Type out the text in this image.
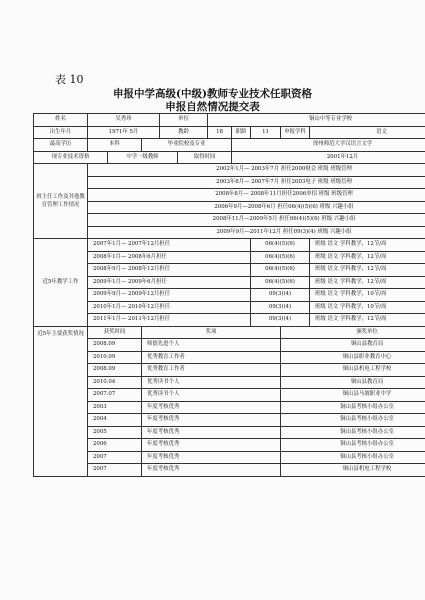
表 10
申报中学高级(中级)教师专业技术任职资格
申报自然情况提交表
姓名	吴秀珍			单位		铜山中等专业学校				
出生年月	1971年 5月			教龄		18	职龄	11	申报学科	语文
最高学历	本科		毕业院校及专业				徐州师范大学汉语言文学			
现专业技术资格		中学一级教师			取得时间		2001年12月			
班主任工作及其他教育管理工作情况	2002年1月— 2003年7月 担任2000财会 班级 班级管理									
	2003年8月— 2007年7月 担任2003电子 班级 班级管理									
	2008年8月— 2008年11月担任2006单招 班级 班级管理									
	2006年9月—2008年6月 担任06(4)(5)(6) 班级 兴趣小组									
	2008年11月—2009年5月 担任06(4)(5)(6) 班级 兴趣小组									
	2009年9月—2011年12月 担任09(3)(4) 班级 兴趣小组									
近5年教学工作	2007年1月— 2007年12月担任							06(4)(5)(6)		班级 语文 学科教学，12节/周
	2008年1月— 2008年6月担任							06(4)(5)(6)		班级 语文 学科教学，12节/周
	2008年9月— 2008年12月担任							06(4)(5)(6)		班级 语文 学科教学，12节/周
	2009年1月— 2009年6月担任							06(4)(5)(6)		班级 语文 学科教学，12节/周
	2009年9月— 2009年12月担任							09(3)(4)		班级 语文 学科教学，10节/周
	2010年1月— 2010年12月担任							09(3)(4)		班级 语文 学科教学，10节/周
	2011年1月— 2011年12月担任							09(3)(4)		班级 语文 学科教学，12节/周
近5年主要获奖情况	获奖时间		奖项						颁奖单位	
	2008.09		师德先进个人						铜山县教育局	
	2010.09		优秀教育工作者						铜山县职业教育中心	
	2008.09		优秀教育工作者						铜山县机电工程学校	
	2010.04		优秀读书个人						铜山县教育局	
	2007.07		优秀读书个人						铜山县马坡职业中学	
	2003		年度考核优秀						铜山县考核小组办公室	
	2004		年度考核优秀						铜山县考核小组办公室	
	2005		年度考核优秀						铜山县考核小组办公室	
	2006		年度考核优秀						铜山县考核小组办公室	
	2007		年度考核优秀						铜山县考核小组办公室	
	2007		年度考核优秀						铜山县机电工程学校	
